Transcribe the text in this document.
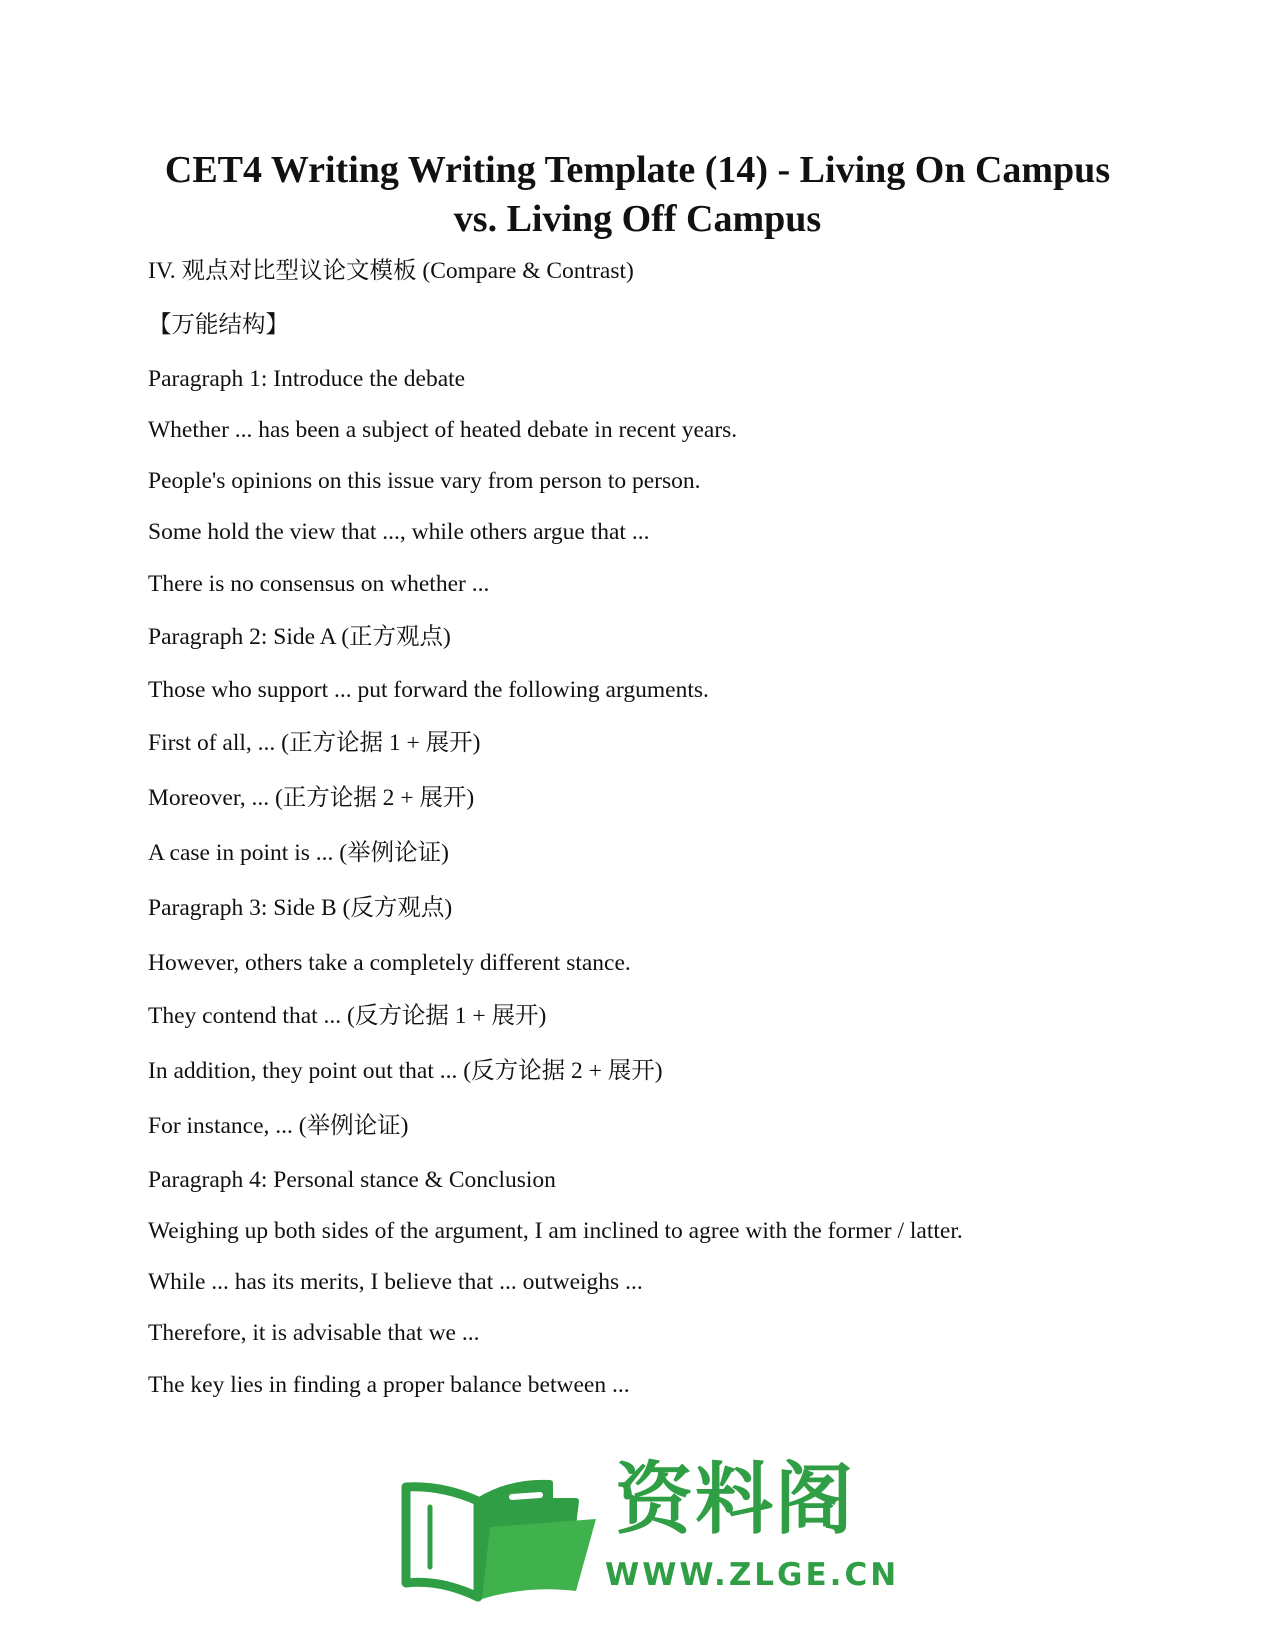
CET4 Writing Writing Template (14) - Living On Campus
vs. Living Off Campus

IV. 观点对比型议论文模板 (Compare & Contrast)

【万能结构】

Paragraph 1: Introduce the debate

Whether ... has been a subject of heated debate in recent years.

People's opinions on this issue vary from person to person.

Some hold the view that ..., while others argue that ...

There is no consensus on whether ...

Paragraph 2: Side A (正方观点)

Those who support ... put forward the following arguments.

First of all, ... (正方论据 1 + 展开)

Moreover, ... (正方论据 2 + 展开)

A case in point is ... (举例论证)

Paragraph 3: Side B (反方观点)

However, others take a completely different stance.

They contend that ... (反方论据 1 + 展开)

In addition, they point out that ... (反方论据 2 + 展开)

For instance, ... (举例论证)

Paragraph 4: Personal stance & Conclusion

Weighing up both sides of the argument, I am inclined to agree with the former / latter.

While ... has its merits, I believe that ... outweighs ...

Therefore, it is advisable that we ...

The key lies in finding a proper balance between ...

资料阁
WWW.ZLGE.CN
